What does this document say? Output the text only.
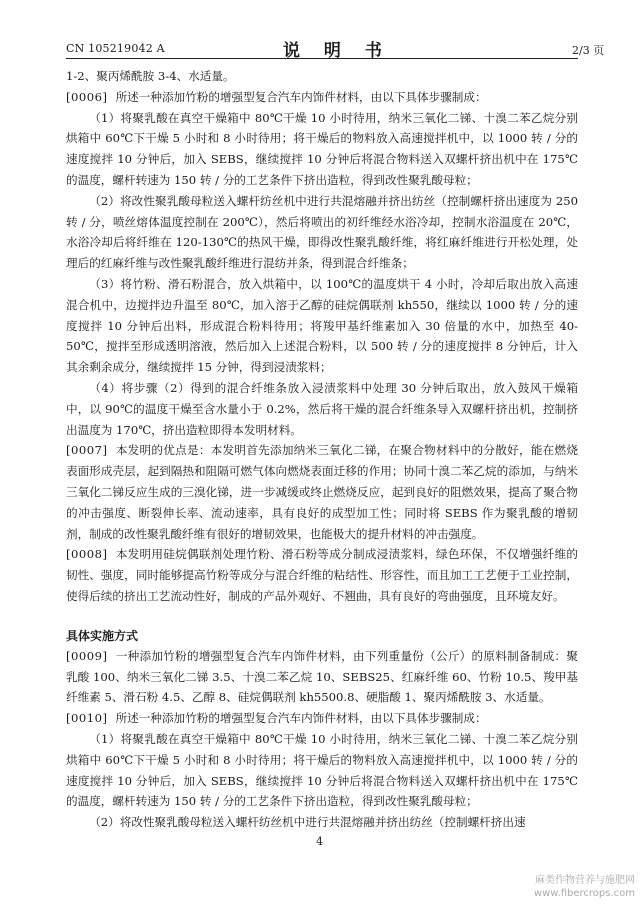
CN 105219042 A	说 明 书	2/3 页

1-2、聚丙烯酰胺 3-4、水适量。

[0006] 所述一种添加竹粉的增强型复合汽车内饰件材料，由以下具体步骤制成：

（1）将聚乳酸在真空干燥箱中 80℃干燥 10 小时待用，纳米三氧化二锑、十溴二苯乙烷分别烘箱中 60℃下干燥 5 小时和 8 小时待用；将干燥后的物料放入高速搅拌机中，以 1000 转 / 分的速度搅拌 10 分钟后，加入 SEBS，继续搅拌 10 分钟后将混合物料送入双螺杆挤出机中在 175℃的温度，螺杆转速为 150 转 / 分的工艺条件下挤出造粒，得到改性聚乳酸母粒；

（2）将改性聚乳酸母粒送入螺杆纺丝机中进行共混熔融并挤出纺丝（控制螺杆挤出速度为 250 转 / 分，喷丝熔体温度控制在 200℃），然后将喷出的初纤维经水浴冷却，控制水浴温度在 20℃，水浴冷却后将纤维在 120-130℃的热风干燥，即得改性聚乳酸纤维，将红麻纤维进行开松处理，处理后的红麻纤维与改性聚乳酸纤维进行混纺并条，得到混合纤维条；

（3）将竹粉、滑石粉混合，放入烘箱中，以 100℃的温度烘干 4 小时，冷却后取出放入高速混合机中，边搅拌边升温至 80℃，加入溶于乙醇的硅烷偶联剂 kh550，继续以 1000 转 / 分的速度搅拌 10 分钟后出料，形成混合粉料待用；将羧甲基纤维素加入 30 倍量的水中，加热至 40-50℃，搅拌至形成透明溶液，然后加入上述混合粉料，以 500 转 / 分的速度搅拌 8 分钟后，计入其余剩余成分，继续搅拌 15 分钟，得到浸渍浆料；

（4）将步骤（2）得到的混合纤维条放入浸渍浆料中处理 30 分钟后取出，放入鼓风干燥箱中，以 90℃的温度干燥至含水量小于 0.2%，然后将干燥的混合纤维条导入双螺杆挤出机，控制挤出温度为 170℃，挤出造粒即得本发明材料。

[0007] 本发明的优点是：本发明首先添加纳米三氧化二锑，在聚合物材料中的分散好，能在燃烧表面形成壳层，起到隔热和阻隔可燃气体向燃烧表面迁移的作用；协同十溴二苯乙烷的添加，与纳米三氧化二锑反应生成的三溴化锑，进一步减缓或终止燃烧反应，起到良好的阻燃效果，提高了聚合物的冲击强度、断裂伸长率、流动速率，具有良好的成型加工性；同时将 SEBS 作为聚乳酸的增韧剂，制成的改性聚乳酸纤维有很好的增韧效果，也能极大的提升材料的冲击强度。

[0008] 本发明用硅烷偶联剂处理竹粉、滑石粉等成分制成浸渍浆料，绿色环保，不仅增强纤维的韧性、强度，同时能够提高竹粉等成分与混合纤维的粘结性、形容性，而且加工工艺便于工业控制，使得后续的挤出工艺流动性好，制成的产品外观好、不翘曲，具有良好的弯曲强度，且环境友好。

具体实施方式

[0009] 一种添加竹粉的增强型复合汽车内饰件材料，由下列重量份（公斤）的原料制备制成：聚乳酸 100、纳米三氧化二锑 3.5、十溴二苯乙烷 10、SEBS25、红麻纤维 60、竹粉 10.5、羧甲基纤维素 5、滑石粉 4.5、乙醇 8、硅烷偶联剂 kh5500.8、硬脂酸 1、聚丙烯酰胺 3、水适量。

[0010] 所述一种添加竹粉的增强型复合汽车内饰件材料，由以下具体步骤制成：

（1）将聚乳酸在真空干燥箱中 80℃干燥 10 小时待用，纳米三氧化二锑、十溴二苯乙烷分别烘箱中 60℃下干燥 5 小时和 8 小时待用；将干燥后的物料放入高速搅拌机中，以 1000 转 / 分的速度搅拌 10 分钟后，加入 SEBS，继续搅拌 10 分钟后将混合物料送入双螺杆挤出机中在 175℃的温度，螺杆转速为 150 转 / 分的工艺条件下挤出造粒，得到改性聚乳酸母粒；

（2）将改性聚乳酸母粒送入螺杆纺丝机中进行共混熔融并挤出纺丝（控制螺杆挤出速

4
麻类作物营养与施肥网
www.fibercrops.com
